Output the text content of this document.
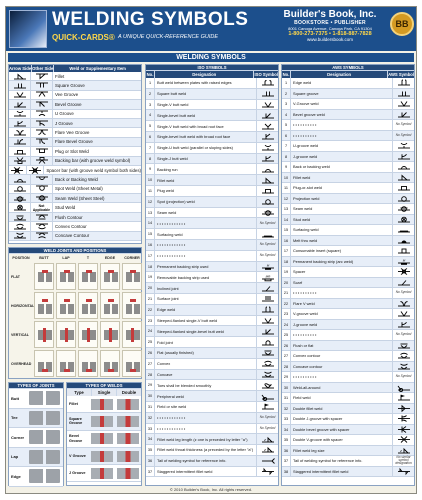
WELDING SYMBOLS
QUICK-CARDS® A UNIQUE QUICK-REFERENCE GUIDE
Builder's Book, Inc.
BOOKSTORE • PUBLISHER
8001 Canoga Avenue, Canoga Park, CA 91304
1-800-273-7375 • 1-818-887-7828
www.buildersbook.com
BB
WELDING SYMBOLS
Arrow Side Other Side	Weld or Supplementary Item
Fillet
Square Groove
Vee Groove
Bevel Groove
U Groove
J Groove
Flare Vee Groove
Flare Bevel Groove
Plug or Slot Weld
Backing bar (with groove weld symbol)
Spacer bar (with groove weld symbol both sides)
Back or Backing Weld
Spot Weld (Sheet Metal)
Seam Weld (Sheet Steel)
Not Applicable	Stud Weld
Flush Contour
Convex Contour
Concave Contour
WELD JOINTS AND POSITIONS
POSITION	BUTT	LAP	T	EDGE	CORNER
FLAT
HORIZONTAL
VERTICAL
OVERHEAD
TYPES OF JOINTS
Butt
Tee
Corner
Lap
Edge
TYPES OF WELDS
Type	Single	Double
Fillet
Square Groove
Bevel Groove
V Groove
J Groove
ISO SYMBOLS
No.	Designation	ISO Symbol
1	Butt weld between plates with raised edges
2	Square butt weld
3	Single-V butt weld
4	Single-bevel butt weld
5	Single-V butt weld with broad root face
6	Single-bevel butt weld with broad root face
7	Single-U butt weld (parallel or sloping sides)
8	Single-J butt weld
9	Backing run
10	Fillet weld
11	Plug weld
12	Spot (projection) weld
13	Seam weld
14	• • • • • • • • • • • •	No Symbol
15	Surfacing weld
16	• • • • • • • • • • • •	No Symbol
17	• • • • • • • • • • • •	No Symbol
18	Permanent backing strip used	M
19	Removable backing strip used	MR
20	Inclined joint
21	Surface joint
22	Edge weld
23	Steeped-flanked single-V butt weld
24	Steeped-flanked single-bevel butt weld
25	Fold joint
26	Flat (usually finished)
27	Convex
28	Concave
29	Toes shall be blended smoothly
30	Peripheral weld
31	Field or site weld
32	• • • • • • • • • • • •	No Symbol
33	• • • • • • • • • • • •	No Symbol
34	Fillet weld leg length (z one is preceded by letter "a")	z
35	Fillet weld throat thickness (a preceded by the letter "a")	z
36	Tail of welding symbol for reference info.
37	Staggered intermittent fillet weld
AWS SYMBOLS
No.	Designation	AWS Symbol
1	Edge weld
2	Square groove
3	V-Groove weld
4	Bevel groove weld
5	• • • • • • • • • •	No Symbol
6	• • • • • • • • • •	No Symbol
7	U-groove weld
8	J-groove weld
9	Back or backing weld
10	Fillet weld
11	Plug-or-slot weld
12	Projection weld
13	Seam weld
14	Stud weld
15	Surfacing weld
16	Melt thru weld
17	Consumable insert (square)
18	Permanent backing strip (arc weld)	M
19	Spacer
20	Scarf
21	• • • • • • • • • •	No Symbol
22	Flare V weld
23	V-groove weld
24	J-groove weld
25	• • • • • • • • • •	No Symbol
26	Flush or flat
27	Convex contour
28	Concave contour
29	• • • • • • • • • •	No Symbol
30	Weld-all-around
31	Field weld
32	Double fillet weld
33	Double J-groove with spacer
34	Double bevel groove with spacer
35	Double V-groove with spacer
36	Fillet weld leg size	z
37	Tail of welding symbol for reference info.
No similar symbol designation
38	Staggered intermittent fillet weld
© 2010 Builder's Book, Inc. All rights reserved.
